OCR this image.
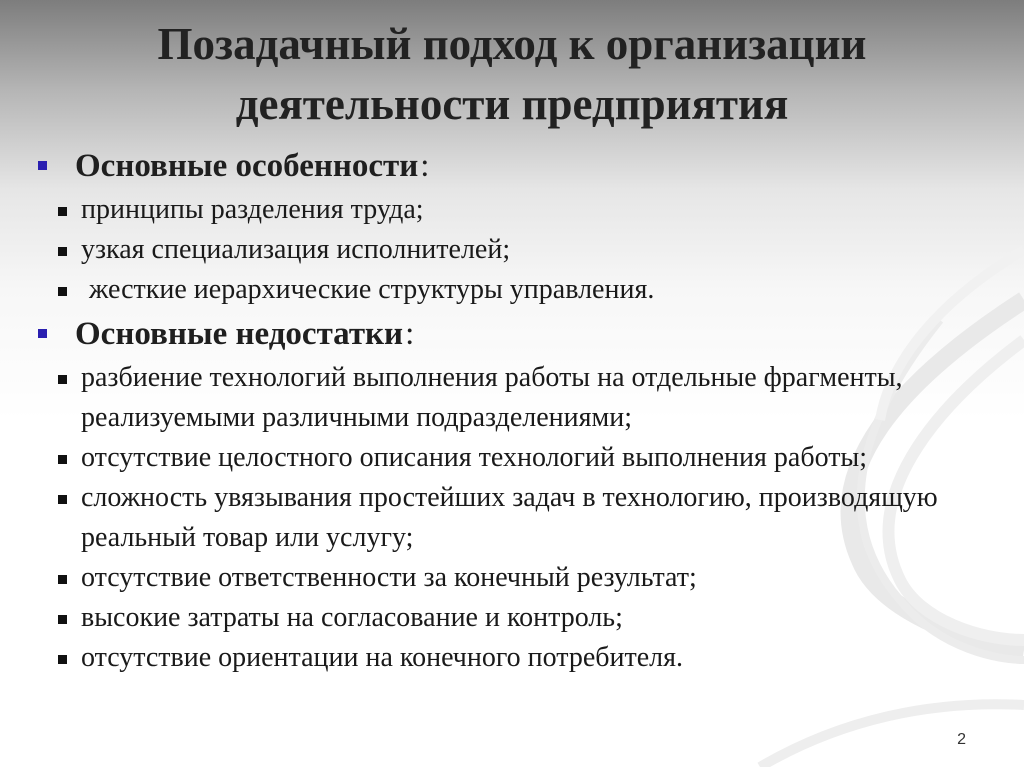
Позадачный подход к организации
деятельности предприятия
Основные особенности :
принципы разделения труда;
узкая специализация исполнителей;
жесткие иерархические структуры управления.
Основные недостатки :
разбиение технологий выполнения работы на отдельные фрагменты, реализуемыми различными подразделениями;
отсутствие целостного описания технологий выполнения работы;
сложность увязывания простейших задач в технологию, производящую реальный товар или услугу;
отсутствие ответственности за конечный результат;
высокие затраты на согласование и контроль;
отсутствие ориентации на конечного потребителя.
2
